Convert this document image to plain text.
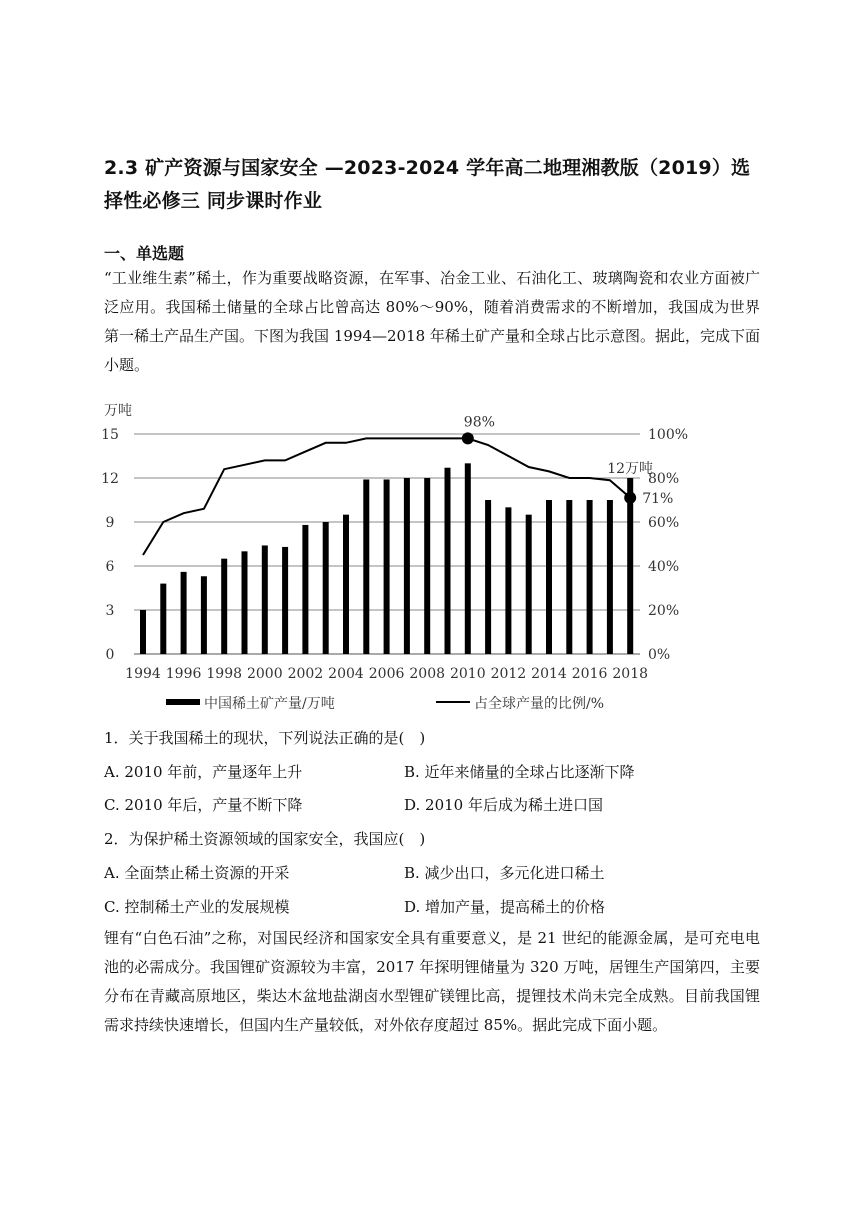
2.3 矿产资源与国家安全 —2023-2024 学年高二地理湘教版（2019）选择性必修三 同步课时作业
一、单选题

“工业维生素”稀土，作为重要战略资源，在军事、冶金工业、石油化工、玻璃陶瓷和农业方面被广泛应用。我国稀土储量的全球占比曾高达 80%～90%，随着消费需求的不断增加，我国成为世界第一稀土产品生产国。下图为我国 1994—2018 年稀土矿产量和全球占比示意图。据此，完成下面小题。

万吨
0
3
6
9
12
15
0%
20%
40%
60%
80%
100%
1994 1996 1998 2000 2002 2004 2006 2008 2010 2012 2014 2016 2018
98%
12万吨
71%
中国稀土矿产量/万吨	占全球产量的比例/%
1．关于我国稀土的现状，下列说法正确的是(　)
A. 2010 年前，产量逐年上升	B. 近年来储量的全球占比逐渐下降
C. 2010 年后，产量不断下降	D. 2010 年后成为稀土进口国
2．为保护稀土资源领域的国家安全，我国应(　)
A. 全面禁止稀土资源的开采	B. 减少出口，多元化进口稀土
C. 控制稀土产业的发展规模	D. 增加产量，提高稀土的价格

锂有“白色石油”之称，对国民经济和国家安全具有重要意义，是 21 世纪的能源金属，是可充电电池的必需成分。我国锂矿资源较为丰富，2017 年探明锂储量为 320 万吨，居锂生产国第四，主要分布在青藏高原地区，柴达木盆地盐湖卤水型锂矿镁锂比高，提锂技术尚未完全成熟。目前我国锂需求持续快速增长，但国内生产量较低，对外依存度超过 85%。据此完成下面小题。
